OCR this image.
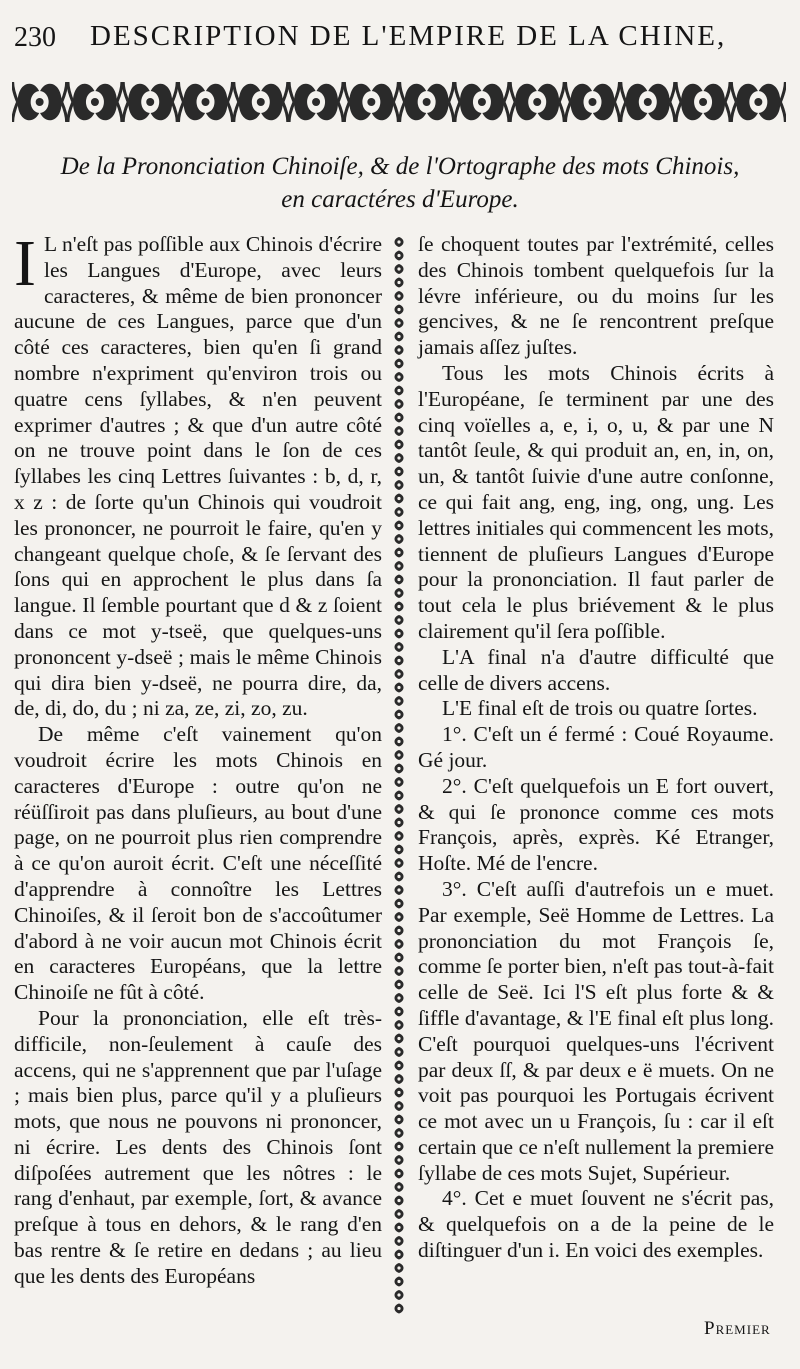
230 DESCRIPTION DE L'EMPIRE DE LA CHINE,
De la Prononciation Chinoiſe, & de l'Ortographe des mots Chinois,
en caractéres d'Europe.

I L n'eſt pas poſſible aux Chinois d'écrire les Langues d'Europe, avec leurs caracteres, & même de bien prononcer aucune de ces Langues, parce que d'un côté ces caracteres, bien qu'en ſi grand nombre n'expriment qu'environ trois ou quatre cens ſyllabes, & n'en peuvent exprimer d'autres ; & que d'un autre côté on ne trouve point dans le ſon de ces ſyllabes les cinq Lettres ſuivantes : b, d, r, x z : de ſorte qu'un Chinois qui voudroit les prononcer, ne pourroit le faire, qu'en y changeant quelque choſe, & ſe ſervant des ſons qui en approchent le plus dans ſa langue. Il ſemble pourtant que d & z ſoient dans ce mot y-tseë, que quelques-uns prononcent y-dseë ; mais le même Chinois qui dira bien y-dseë, ne pourra dire, da, de, di, do, du ; ni za, ze, zi, zo, zu.

De même c'eſt vainement qu'on voudroit écrire les mots Chinois en caracteres d'Europe : outre qu'on ne réüſſiroit pas dans pluſieurs, au bout d'une page, on ne pourroit plus rien comprendre à ce qu'on auroit écrit. C'eſt une néceſſité d'apprendre à connoître les Lettres Chinoiſes, & il ſeroit bon de s'accoûtumer d'abord à ne voir aucun mot Chinois écrit en caracteres Européans, que la lettre Chinoiſe ne fût à côté.

Pour la prononciation, elle eſt très-difficile, non-ſeulement à cauſe des accens, qui ne s'apprennent que par l'uſage ; mais bien plus, parce qu'il y a pluſieurs mots, que nous ne pouvons ni prononcer, ni écrire. Les dents des Chinois ſont diſpoſées autrement que les nôtres : le rang d'enhaut, par exemple, ſort, & avance preſque à tous en dehors, & le rang d'en bas rentre & ſe retire en dedans ; au lieu que les dents des Européans

ſe choquent toutes par l'extrémité, celles des Chinois tombent quelquefois ſur la lévre inférieure, ou du moins ſur les gencives, & ne ſe rencontrent preſque jamais aſſez juſtes.

Tous les mots Chinois écrits à l'Européane, ſe terminent par une des cinq voïelles a, e, i, o, u, & par une N tantôt ſeule, & qui produit an, en, in, on, un, & tantôt ſuivie d'une autre conſonne, ce qui fait ang, eng, ing, ong, ung. Les lettres initiales qui commencent les mots, tiennent de pluſieurs Langues d'Europe pour la prononciation. Il faut parler de tout cela le plus briévement & le plus clairement qu'il ſera poſſible.

L'A final n'a d'autre difficulté que celle de divers accens.

L'E final eſt de trois ou quatre ſortes.

1°. C'eſt un é fermé : Coué Royaume. Gé jour.

2°. C'eſt quelquefois un E fort ouvert, & qui ſe prononce comme ces mots François, après, exprès. Ké Etranger, Hoſte. Mé de l'encre.

3°. C'eſt auſſi d'autrefois un e muet. Par exemple, Seë Homme de Lettres. La prononciation du mot François ſe, comme ſe porter bien, n'eſt pas tout-à-fait celle de Seë. Ici l'S eſt plus forte & & ſiffle d'avantage, & l'E final eſt plus long. C'eſt pourquoi quelques-uns l'écrivent par deux ſſ, & par deux e ë muets. On ne voit pas pourquoi les Portugais écrivent ce mot avec un u François, ſu : car il eſt certain que ce n'eſt nullement la premiere ſyllabe de ces mots Sujet, Supérieur.

4°. Cet e muet ſouvent ne s'écrit pas, & quelquefois on a de la peine de le diſtinguer d'un i. En voici des exemples.

Premier
